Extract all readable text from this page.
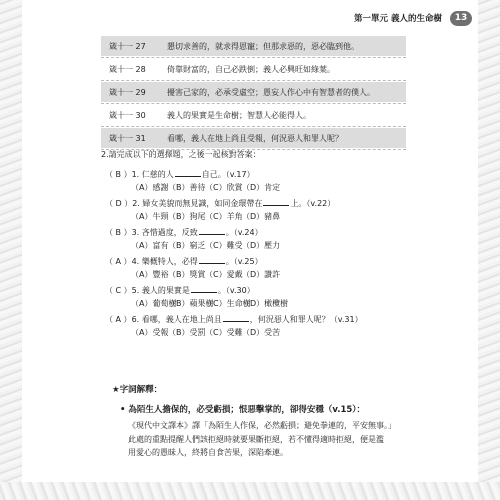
第一單元 義人的生命樹	13
箴十一 27	懇切求善的，就求得恩寵；但那求惡的，惡必臨到他。
箴十一 28	倚靠財富的，自己必跌倒；義人必興旺如綠葉。
箴十一 29	擾害己家的，必承受虛空；愚妄人作心中有智慧者的僕人。
箴十一 30	義人的果實是生命樹；智慧人必能得人。
箴十一 31	看哪，義人在地上尚且受報，何況惡人和罪人呢？
2.請完成以下的選擇題，之後一起核對答案：
（ B ）1. 仁慈的人	自己。（v.17）
（A）感謝 （B）善待 （C）欣賞 （D）肯定
（ D ）2. 婦女美貌而無見識，如同金環帶在	上。（v.22）
（A）牛頸 （B）狗尾 （C）羊角 （D）豬鼻
（ B ）3. 吝惜過度，反致	。（v.24）
（A）富有 （B）窮乏 （C）難受 （D）壓力
（ A ）4. 樂概特人，必得	。（v.25）
（A）豐裕 （B）獎賞 （C）愛戴 （D）讚許
（ C ）5. 義人的果實是	。（v.30）
（A）葡萄樹
（B）蘋果樹
（C）生命樹
（D）橄欖樹
（ A ）6. 看哪，義人在地上尚且	，何況惡人和罪人呢？（v.31）
（A）受報 （B）受罰 （C）受難 （D）受苦
★字詞解釋：
• 為陌生人擔保的，必受虧損；恨惡擊掌的，卻得安穩（v.15）：

《現代中文譯本》譯「為陌生人作保，必然虧損；避免拳連的，平安無事。」

此處的重點提醒人們該拒絕時就要果斷拒絕，若不懂得適時拒絕，便是濫

用愛心的愚昧人，終將自食苦果，深陷牽連。
